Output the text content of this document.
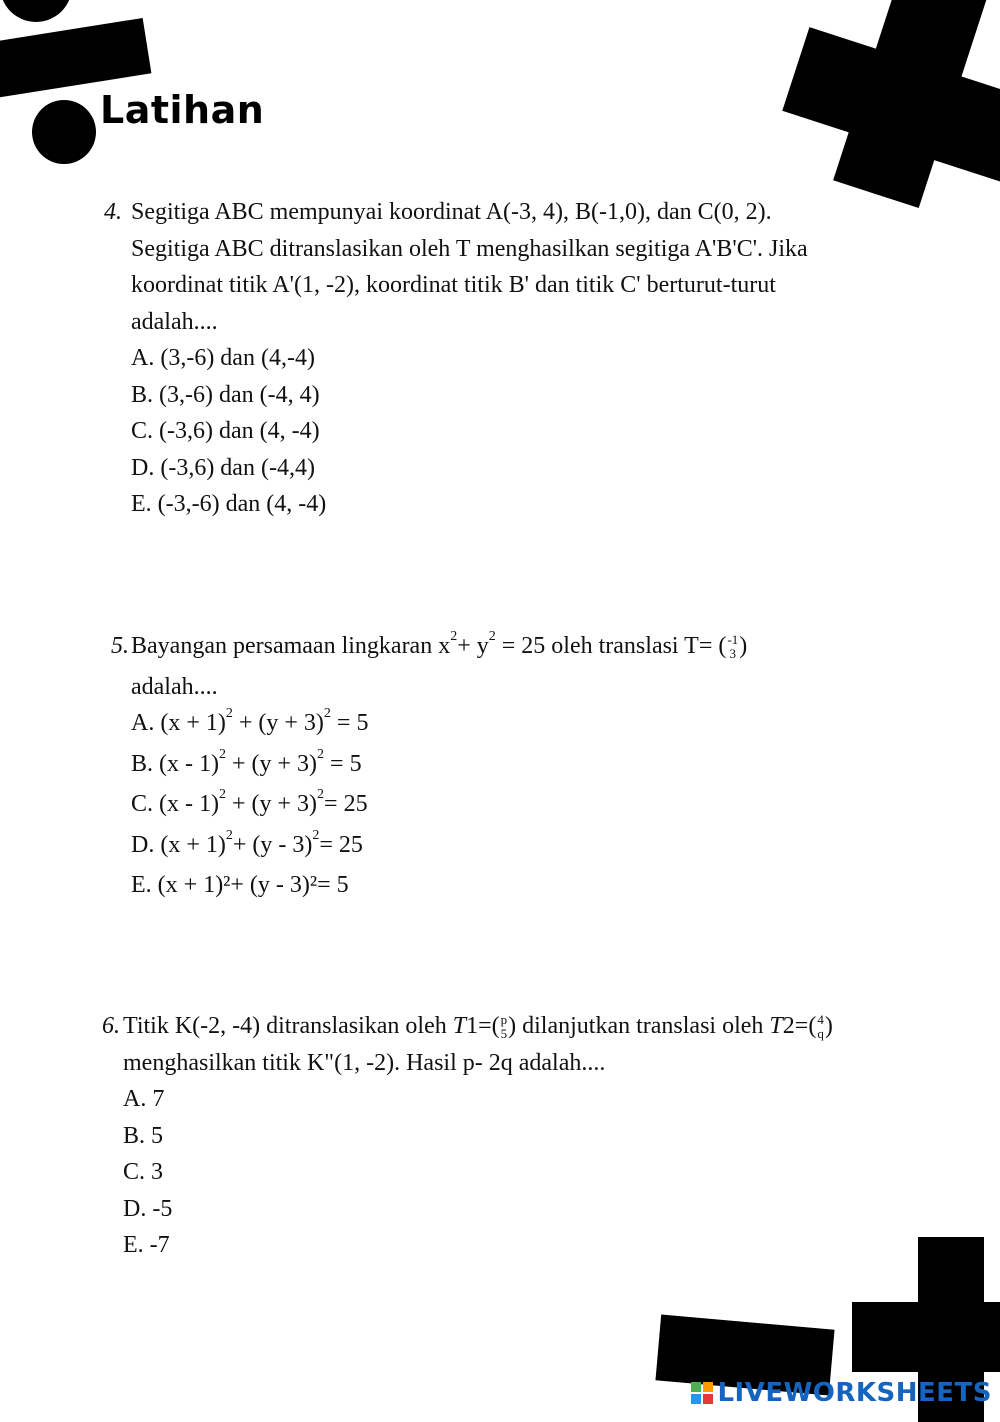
Latihan
4. Segitiga ABC mempunyai koordinat A(-3, 4), B(-1,0), dan C(0, 2).
Segitiga ABC ditranslasikan oleh T menghasilkan segitiga A'B'C'. Jika
koordinat titik A'(1, -2), koordinat titik B' dan titik C' berturut-turut
adalah....
A. (3,-6) dan (4,-4)
B. (3,-6) dan (-4, 4)
C. (-3,6) dan (4, -4)
D. (-3,6) dan (-4,4)
E. (-3,-6) dan (4, -4)
5. Bayangan persamaan lingkaran $x^2+ y^2 = 25$ oleh translasi T= ( -1
3 )
adalah....
A. $(x + 1)^2 + (y + 3)^2 = 5$
B. $(x - 1)^2 + (y + 3)^2 = 5$
C. $(x - 1)^2 + (y + 3)^2= 25$
D. $(x + 1)^2+ (y - 3)^2= 25$
E. (x + 1)²+ (y - 3)²= 5
6. Titik K(-2, -4) ditranslasikan oleh T1=( p
5 ) dilanjutkan translasi oleh T2=( 4
q )
menghasilkan titik K"(1, -2). Hasil p- 2q adalah....
A. 7
B. 5
C. 3
D. -5
E. -7
LIVEWORKSHEETS
